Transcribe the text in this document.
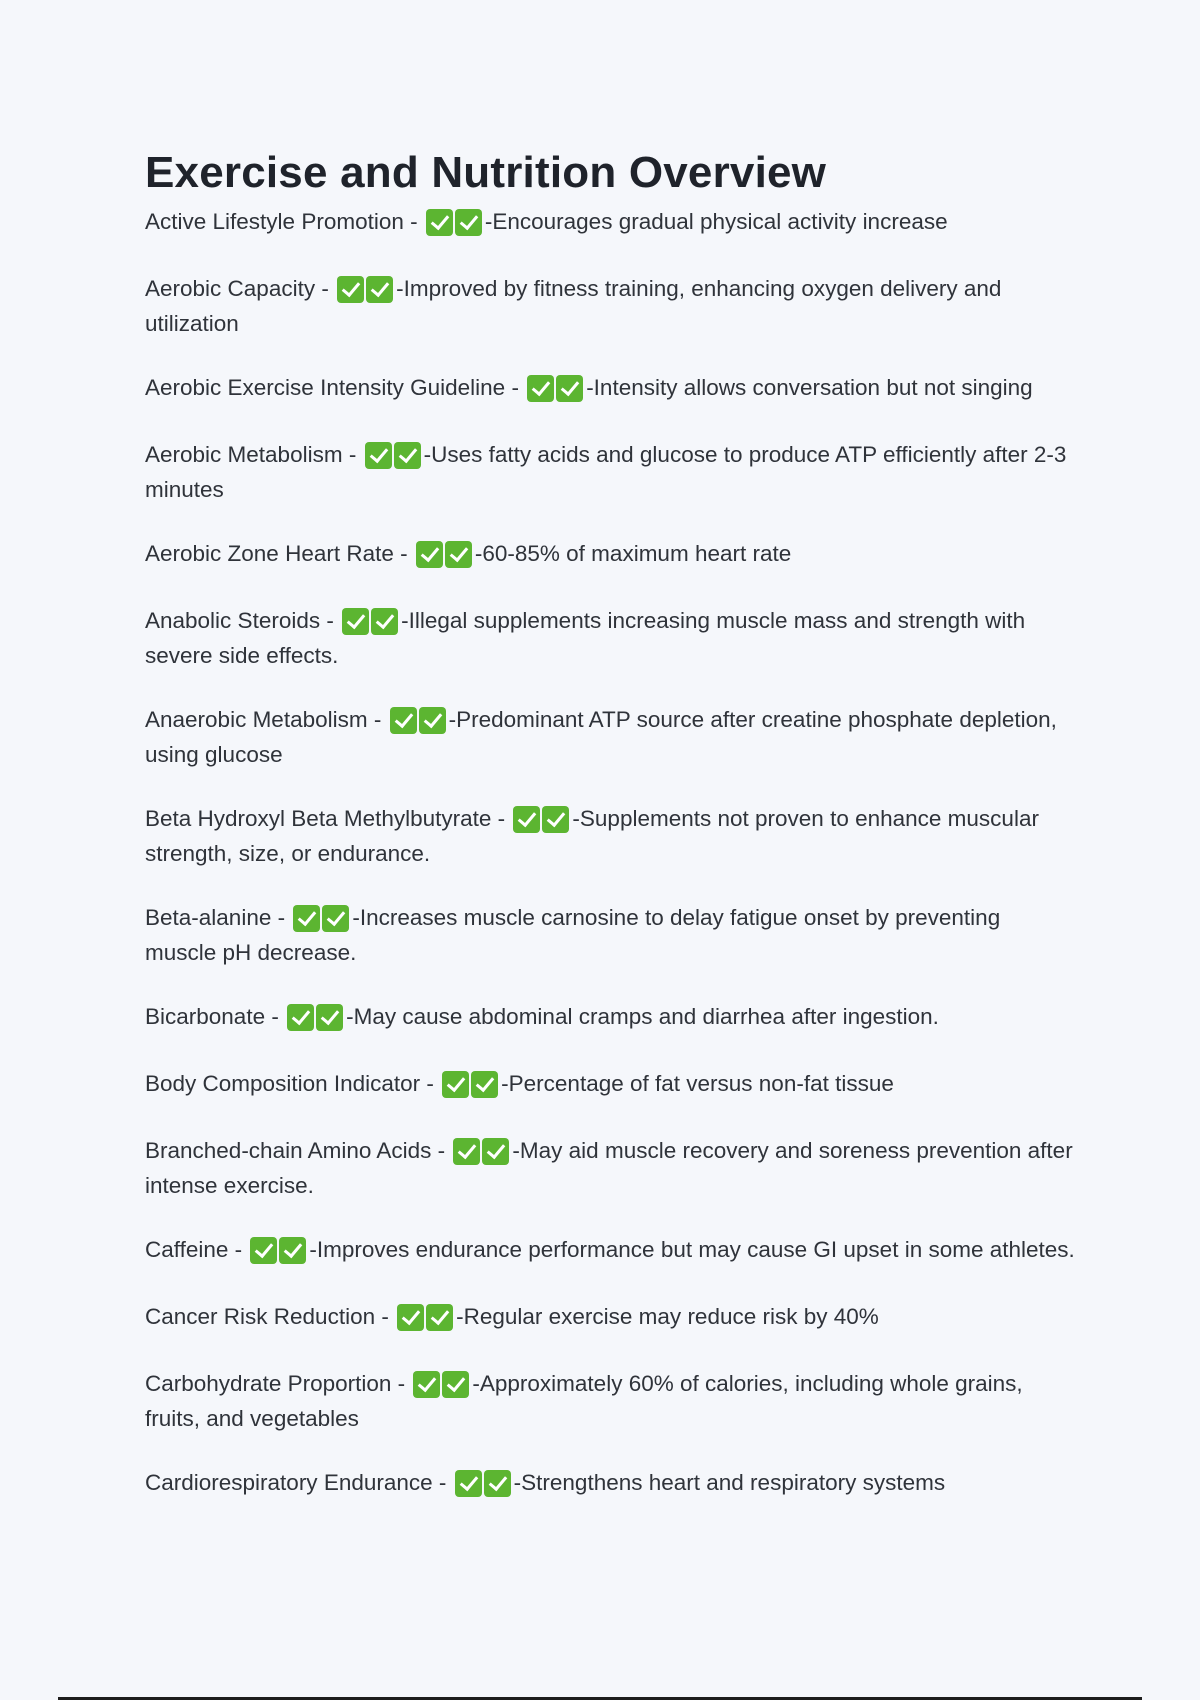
Exercise and Nutrition Overview
Active Lifestyle Promotion -	-Encourages gradual physical activity increase
Aerobic Capacity -	-Improved by fitness training, enhancing oxygen delivery and utilization
Aerobic Exercise Intensity Guideline -	-Intensity allows conversation but not singing
Aerobic Metabolism -	-Uses fatty acids and glucose to produce ATP efficiently after 2-3 minutes
Aerobic Zone Heart Rate -	-60-85% of maximum heart rate
Anabolic Steroids -	-Illegal supplements increasing muscle mass and strength with severe side effects.
Anaerobic Metabolism -	-Predominant ATP source after creatine phosphate depletion, using glucose
Beta Hydroxyl Beta Methylbutyrate -	-Supplements not proven to enhance muscular strength, size, or endurance.
Beta-alanine -	-Increases muscle carnosine to delay fatigue onset by preventing muscle pH decrease.
Bicarbonate -	-May cause abdominal cramps and diarrhea after ingestion.
Body Composition Indicator -	-Percentage of fat versus non-fat tissue
Branched-chain Amino Acids -	-May aid muscle recovery and soreness prevention after intense exercise.
Caffeine -	-Improves endurance performance but may cause GI upset in some athletes.
Cancer Risk Reduction -	-Regular exercise may reduce risk by 40%
Carbohydrate Proportion -	-Approximately 60% of calories, including whole grains, fruits, and vegetables
Cardiorespiratory Endurance -	-Strengthens heart and respiratory systems
